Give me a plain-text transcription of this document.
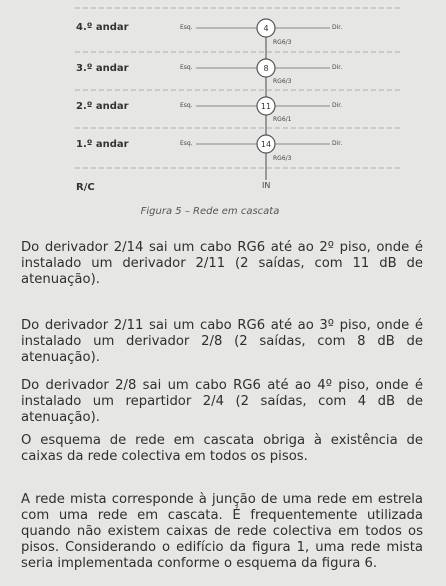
4
8
11
14
RG6/3
RG6/3
RG6/1
RG6/3
4.º andar
3.º andar
2.º andar
1.º andar
R/C
Esq.
Esq.
Esq.
Esq.
Dir.
Dir.
Dir.
Dir.
IN
Figura 5 – Rede em cascata
Do derivador 2/14 sai um cabo RG6 até ao 2º piso, onde é instalado um derivador 2/11 (2 saídas, com 11 dB de atenuação).
Do derivador 2/11 sai um cabo RG6 até ao 3º piso, onde é instalado um derivador 2/8 (2 saídas, com 8 dB de atenuação).
Do derivador 2/8 sai um cabo RG6 até ao 4º piso, onde é instalado um repartidor 2/4 (2 saídas, com 4 dB de atenuação).
O esquema de rede em cascata obriga à existência de caixas da rede colectiva em todos os pisos.
A rede mista corresponde à junção de uma rede em estrela com uma rede em cascata. É frequentemente utilizada quando não existem caixas de rede colectiva em todos os pisos. Considerando o edifício da figura 1, uma rede mista seria implementada conforme o esquema da figura 6.
